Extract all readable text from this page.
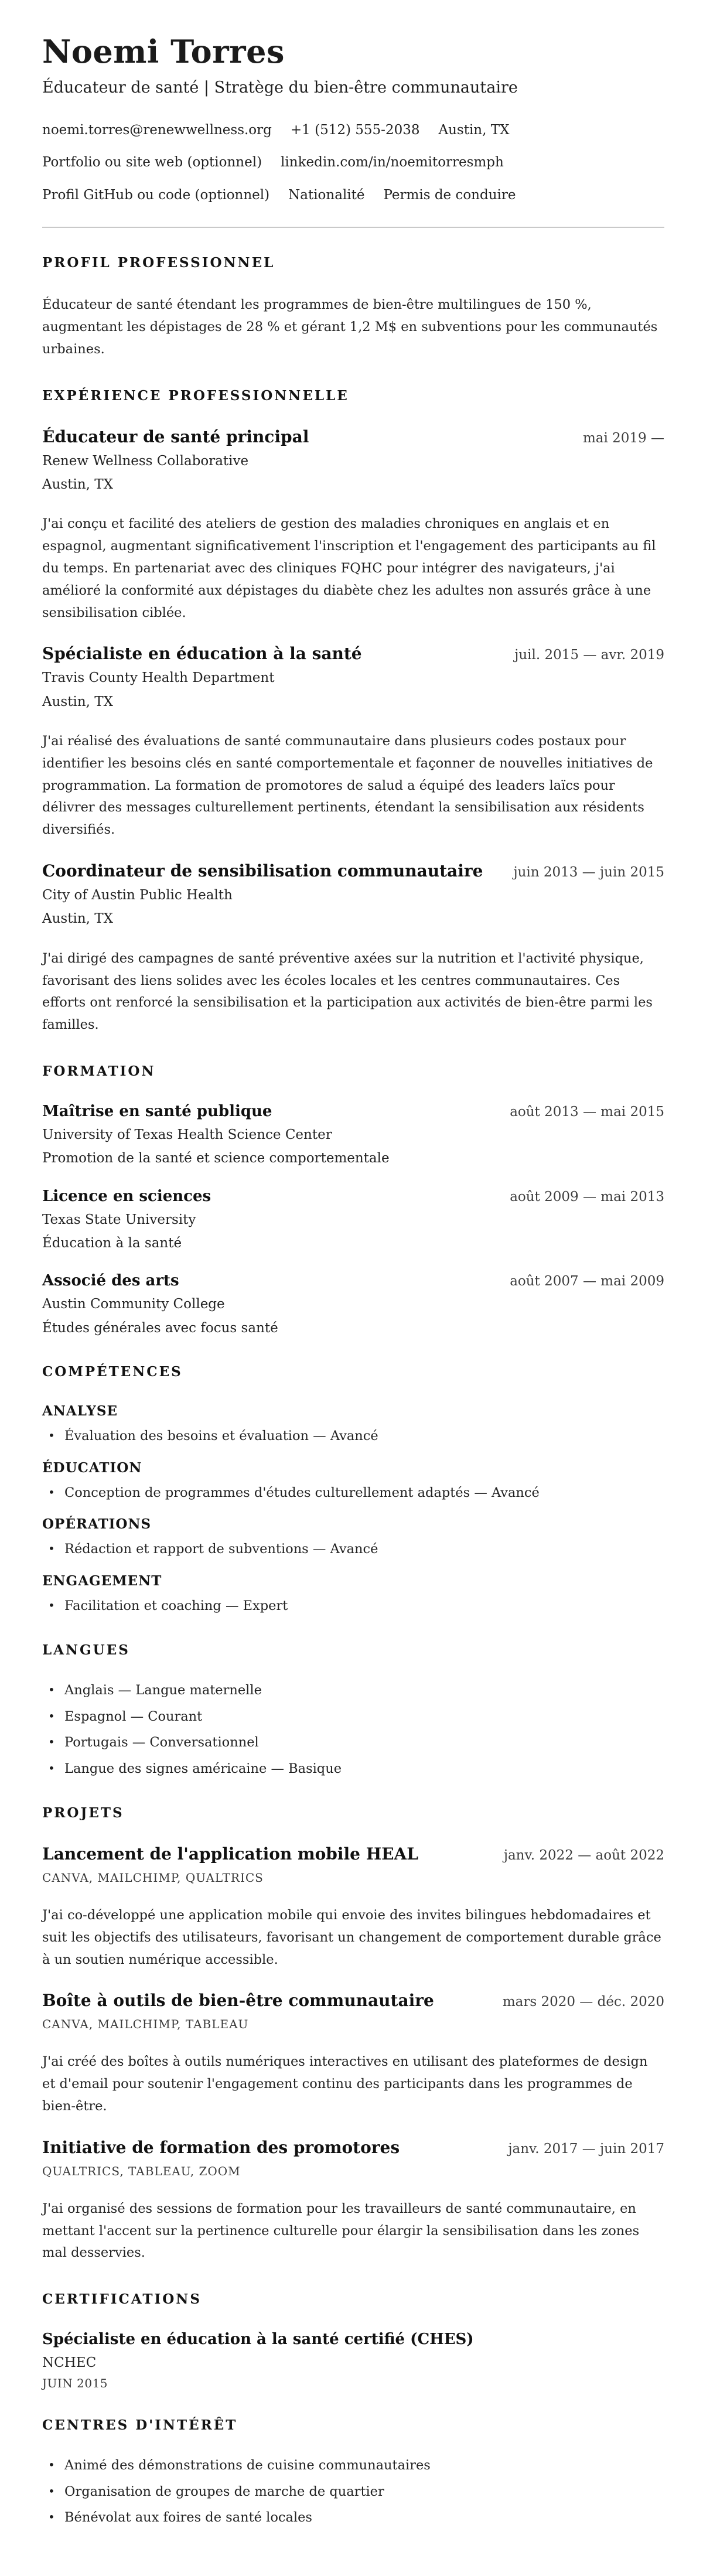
Noemi Torres

Éducateur de santé | Stratège du bien-être communautaire

noemi.torres@renewwellness.org +1 (512) 555-2038 Austin, TX
Portfolio ou site web (optionnel) linkedin.com/in/noemitorresmph
Profil GitHub ou code (optionnel) Nationalité Permis de conduire
PROFIL PROFESSIONNEL

Éducateur de santé étendant les programmes de bien-être multilingues de 150 %, augmentant les dépistages de 28 % et gérant 1,2 M$ en subventions pour les communautés urbaines.

EXPÉRIENCE PROFESSIONNELLE
Éducateur de santé principal	mai 2019 —

Renew Wellness Collaborative

Austin, TX

J'ai conçu et facilité des ateliers de gestion des maladies chroniques en anglais et en espagnol, augmentant significativement l'inscription et l'engagement des participants au fil du temps. En partenariat avec des cliniques FQHC pour intégrer des navigateurs, j'ai amélioré la conformité aux dépistages du diabète chez les adultes non assurés grâce à une sensibilisation ciblée.

Spécialiste en éducation à la santé	juil. 2015 — avr. 2019

Travis County Health Department

Austin, TX

J'ai réalisé des évaluations de santé communautaire dans plusieurs codes postaux pour identifier les besoins clés en santé comportementale et façonner de nouvelles initiatives de programmation. La formation de promotores de salud a équipé des leaders laïcs pour délivrer des messages culturellement pertinents, étendant la sensibilisation aux résidents diversifiés.

Coordinateur de sensibilisation communautaire juin 2013 — juin 2015

City of Austin Public Health

Austin, TX

J'ai dirigé des campagnes de santé préventive axées sur la nutrition et l'activité physique, favorisant des liens solides avec les écoles locales et les centres communautaires. Ces efforts ont renforcé la sensibilisation et la participation aux activités de bien-être parmi les familles.

FORMATION
Maîtrise en santé publique	août 2013 — mai 2015

University of Texas Health Science Center

Promotion de la santé et science comportementale

Licence en sciences	août 2009 — mai 2013

Texas State University

Éducation à la santé

Associé des arts	août 2007 — mai 2009

Austin Community College

Études générales avec focus santé

COMPÉTENCES
ANALYSE
• Évaluation des besoins et évaluation — Avancé
ÉDUCATION
• Conception de programmes d'études culturellement adaptés — Avancé
OPÉRATIONS
• Rédaction et rapport de subventions — Avancé
ENGAGEMENT
• Facilitation et coaching — Expert
LANGUES
• Anglais — Langue maternelle
• Espagnol — Courant
• Portugais — Conversationnel
• Langue des signes américaine — Basique
PROJETS
Lancement de l'application mobile HEAL	janv. 2022 — août 2022

CANVA, MAILCHIMP, QUALTRICS

J'ai co-développé une application mobile qui envoie des invites bilingues hebdomadaires et suit les objectifs des utilisateurs, favorisant un changement de comportement durable grâce à un soutien numérique accessible.

Boîte à outils de bien-être communautaire	mars 2020 — déc. 2020

CANVA, MAILCHIMP, TABLEAU

J'ai créé des boîtes à outils numériques interactives en utilisant des plateformes de design et d'email pour soutenir l'engagement continu des participants dans les programmes de bien-être.

Initiative de formation des promotores	janv. 2017 — juin 2017

QUALTRICS, TABLEAU, ZOOM

J'ai organisé des sessions de formation pour les travailleurs de santé communautaire, en mettant l'accent sur la pertinence culturelle pour élargir la sensibilisation dans les zones mal desservies.

CERTIFICATIONS
Spécialiste en éducation à la santé certifié (CHES)

NCHEC

JUIN 2015

CENTRES D'INTÉRÊT
• Animé des démonstrations de cuisine communautaires
• Organisation de groupes de marche de quartier
• Bénévolat aux foires de santé locales
